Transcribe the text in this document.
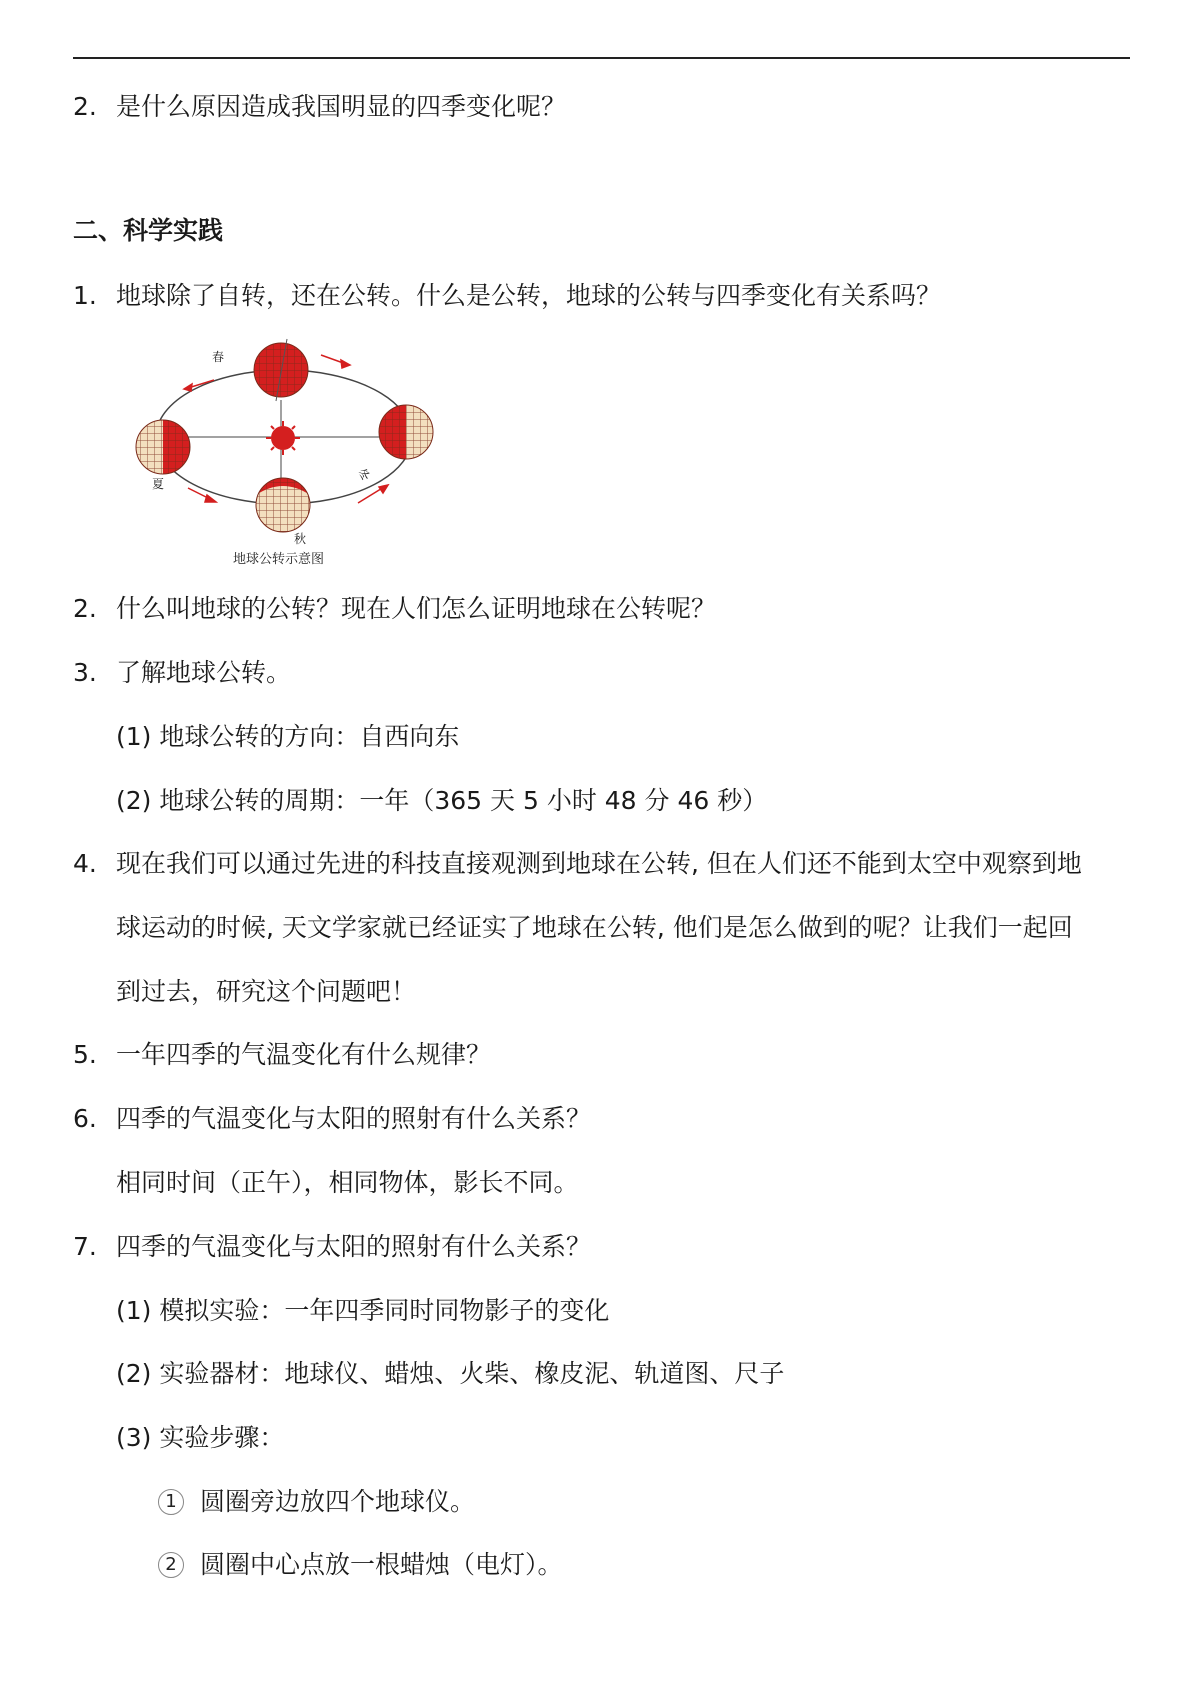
2. 是什么原因造成我国明显的四季变化呢？
二、科学实践
1. 地球除了自转，还在公转。什么是公转，地球的公转与四季变化有关系吗？
春
夏
秋
冬
地球公转示意图
2. 什么叫地球的公转？现在人们怎么证明地球在公转呢？
3. 了解地球公转。
(1) 地球公转的方向：自西向东
(2) 地球公转的周期：一年（365 天 5 小时 48 分 46 秒）
4. 现在我们可以通过先进的科技直接观测到地球在公转, 但在人们还不能到太空中观察到地
球运动的时候, 天文学家就已经证实了地球在公转, 他们是怎么做到的呢？让我们一起回
到过去，研究这个问题吧！
5. 一年四季的气温变化有什么规律？
6. 四季的气温变化与太阳的照射有什么关系？
相同时间（正午），相同物体，影长不同。
7. 四季的气温变化与太阳的照射有什么关系？
(1) 模拟实验：一年四季同时同物影子的变化
(2) 实验器材：地球仪、蜡烛、火柴、橡皮泥、轨道图、尺子
(3) 实验步骤：
1 圆圈旁边放四个地球仪。
2 圆圈中心点放一根蜡烛（电灯）。
